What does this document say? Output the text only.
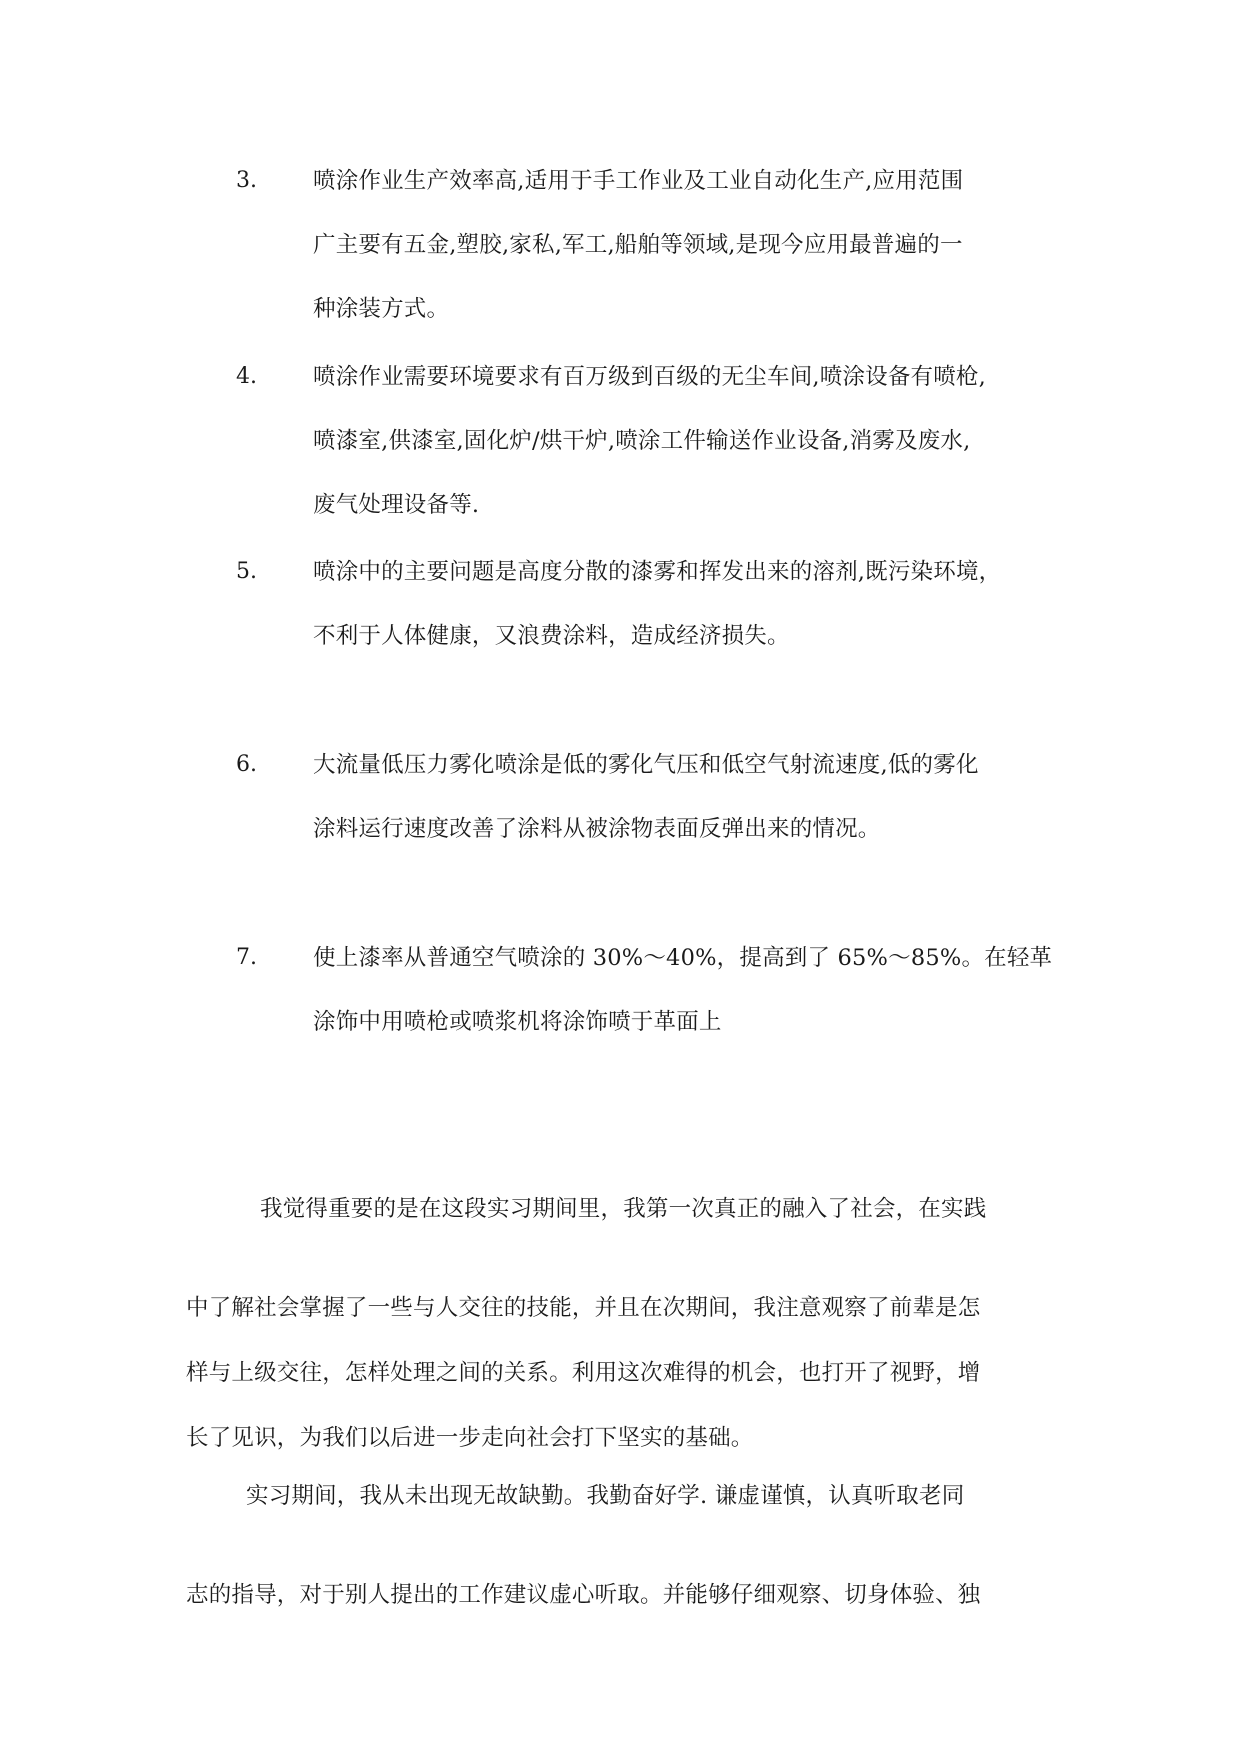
3. 喷涂作业生产效率高,适用于手工作业及工业自动化生产,应用范围
广主要有五金,塑胶,家私,军工,船舶等领域,是现今应用最普遍的一
种涂装方式。
4. 喷涂作业需要环境要求有百万级到百级的无尘车间,喷涂设备有喷枪,
喷漆室,供漆室,固化炉/烘干炉,喷涂工件输送作业设备,消雾及废水,
废气处理设备等.
5. 喷涂中的主要问题是高度分散的漆雾和挥发出来的溶剂,既污染环境，
不利于人体健康，又浪费涂料，造成经济损失。
6. 大流量低压力雾化喷涂是低的雾化气压和低空气射流速度,低的雾化
涂料运行速度改善了涂料从被涂物表面反弹出来的情况。
7. 使上漆率从普通空气喷涂的 30%～40%，提高到了 65%～85%。在轻革
涂饰中用喷枪或喷浆机将涂饰喷于革面上
我觉得重要的是在这段实习期间里，我第一次真正的融入了社会，在实践
中了解社会掌握了一些与人交往的技能，并且在次期间，我注意观察了前辈是怎
样与上级交往，怎样处理之间的关系。利用这次难得的机会，也打开了视野，增
长了见识，为我们以后进一步走向社会打下坚实的基础。
实习期间，我从未出现无故缺勤。我勤奋好学. 谦虚谨慎，认真听取老同
志的指导，对于别人提出的工作建议虚心听取。并能够仔细观察、切身体验、独
